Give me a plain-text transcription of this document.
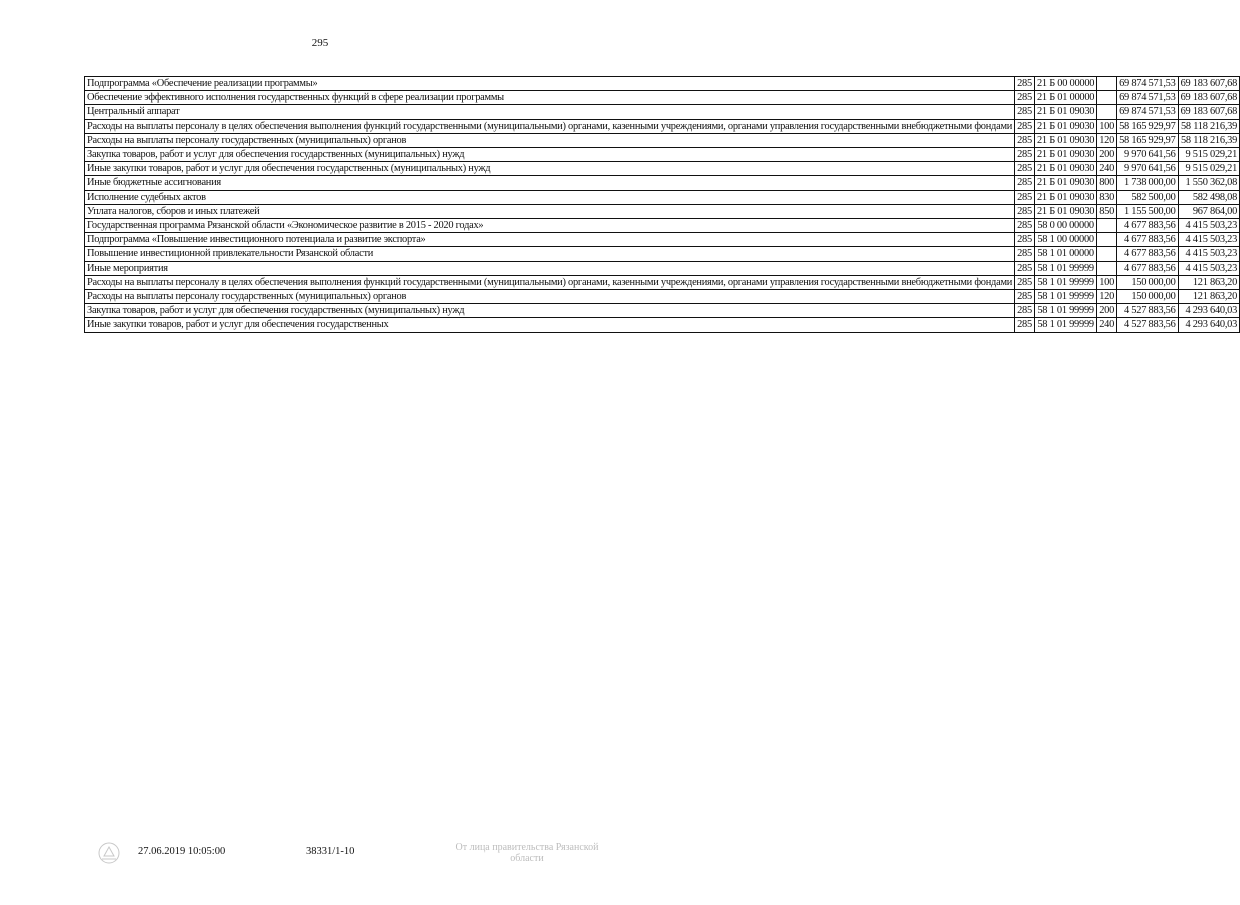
295
Подпрограмма «Обеспечение реализации программы»	285	21 Б 00 00000		69 874 571,53	69 183 607,68
Обеспечение эффективного исполнения государственных функций в сфере реализации программы	285	21 Б 01 00000		69 874 571,53	69 183 607,68
Центральный аппарат	285	21 Б 01 09030		69 874 571,53	69 183 607,68
Расходы на выплаты персоналу в целях обеспечения выполнения функций государственными (муниципальными) органами, казенными учреждениями, органами управления государственными внебюджетными фондами	285	21 Б 01 09030	100	58 165 929,97	58 118 216,39
Расходы на выплаты персоналу государственных (муниципальных) органов	285	21 Б 01 09030	120	58 165 929,97	58 118 216,39
Закупка товаров, работ и услуг для обеспечения государственных (муниципальных) нужд	285	21 Б 01 09030	200	9 970 641,56	9 515 029,21
Иные закупки товаров, работ и услуг для обеспечения государственных (муниципальных) нужд	285	21 Б 01 09030	240	9 970 641,56	9 515 029,21
Иные бюджетные ассигнования	285	21 Б 01 09030	800	1 738 000,00	1 550 362,08
Исполнение судебных актов	285	21 Б 01 09030	830	582 500,00	582 498,08
Уплата налогов, сборов и иных платежей	285	21 Б 01 09030	850	1 155 500,00	967 864,00
Государственная программа Рязанской области «Экономическое развитие в 2015 - 2020 годах»	285	58 0 00 00000		4 677 883,56	4 415 503,23
Подпрограмма «Повышение инвестиционного потенциала и развитие экспорта»	285	58 1 00 00000		4 677 883,56	4 415 503,23
Повышение инвестиционной привлекательности Рязанской области	285	58 1 01 00000		4 677 883,56	4 415 503,23
Иные мероприятия	285	58 1 01 99999		4 677 883,56	4 415 503,23
Расходы на выплаты персоналу в целях обеспечения выполнения функций государственными (муниципальными) органами, казенными учреждениями, органами управления государственными внебюджетными фондами	285	58 1 01 99999	100	150 000,00	121 863,20
Расходы на выплаты персоналу государственных (муниципальных) органов	285	58 1 01 99999	120	150 000,00	121 863,20
Закупка товаров, работ и услуг для обеспечения государственных (муниципальных) нужд	285	58 1 01 99999	200	4 527 883,56	4 293 640,03
Иные закупки товаров, работ и услуг для обеспечения государственных	285	58 1 01 99999	240	4 527 883,56	4 293 640,03
27.06.2019 10:05:00	38331/1-10	От лица правительства Рязанской области
